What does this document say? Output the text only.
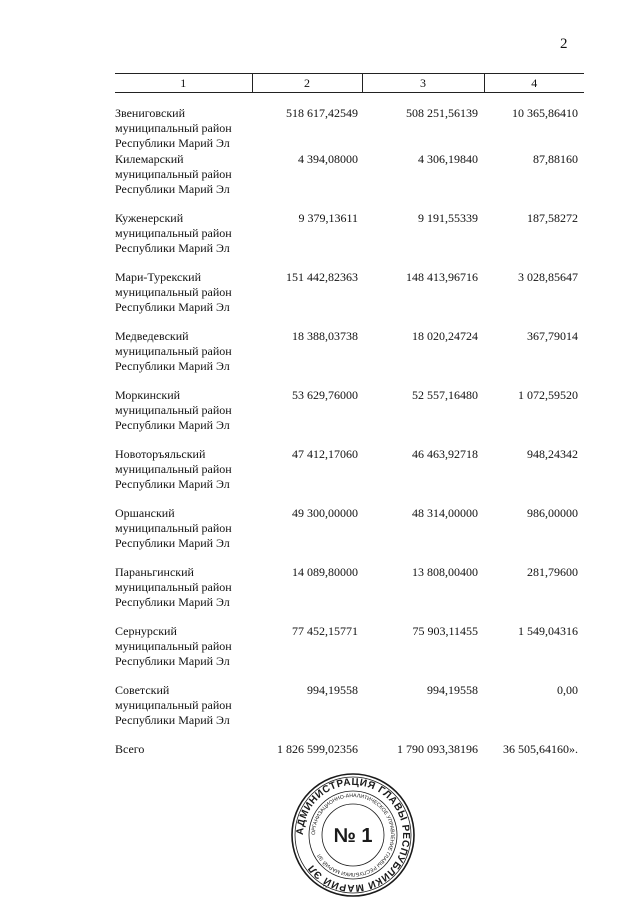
2
1	2	3	4

Звениговский
муниципальный район
Республики Марий Эл	518 617,42549	508 251,56139	10 365,86410

Килемарский
муниципальный район
Республики Марий Эл	4 394,08000	4 306,19840	87,88160

Куженерский
муниципальный район
Республики Марий Эл	9 379,13611	9 191,55339	187,58272

Мари-Турекский
муниципальный район
Республики Марий Эл	151 442,82363	148 413,96716	3 028,85647

Медведевский
муниципальный район
Республики Марий Эл	18 388,03738	18 020,24724	367,79014

Моркинский
муниципальный район
Республики Марий Эл	53 629,76000	52 557,16480	1 072,59520

Новоторъяльский
муниципальный район
Республики Марий Эл	47 412,17060	46 463,92718	948,24342

Оршанский
муниципальный район
Республики Марий Эл	49 300,00000	48 314,00000	986,00000

Параньгинский
муниципальный район
Республики Марий Эл	14 089,80000	13 808,00400	281,79600

Сернурский
муниципальный район
Республики Марий Эл	77 452,15771	75 903,11455	1 549,04316

Советский
муниципальный район
Республики Марий Эл	994,19558	994,19558	0,00
Всего	1 826 599,02356	1 790 093,38196	36 505,64160».
АДМИНИСТРАЦИЯ ГЛАВЫ РЕСПУБЛИКИ МАРИЙ ЭЛ
ОРГАНИЗАЦИОННО-АНАЛИТИЧЕСКОЕ УПРАВЛЕНИЕ ГЛАВЫ РЕСПУБЛИКИ МАРИЙ ЭЛ
№ 1
